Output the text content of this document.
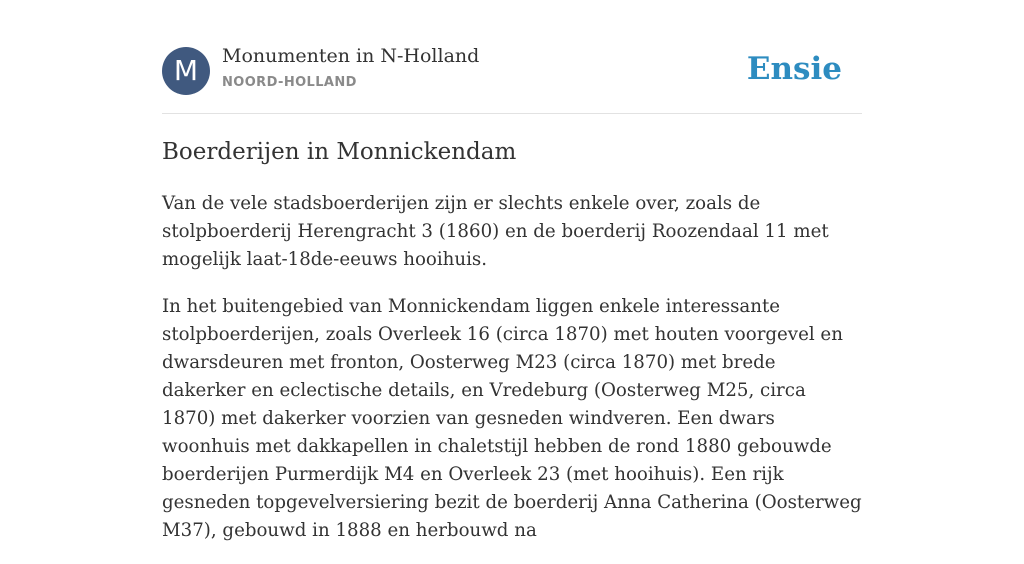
M	Monumenten in N-Holland
NOORD-HOLLAND	Ensie
Boerderijen in Monnickendam

Van de vele stadsboerderijen zijn er slechts enkele over, zoals de stolpboerderij Herengracht 3 (1860) en de boerderij Roozendaal 11 met mogelijk laat-18de-eeuws hooihuis.

In het buitengebied van Monnickendam liggen enkele interessante stolpboerderijen, zoals Overleek 16 (circa 1870) met houten voorgevel en dwarsdeuren met fronton, Oosterweg M23 (circa 1870) met brede dakerker en eclectische details, en Vredeburg (Oosterweg M25, circa 1870) met dakerker voorzien van gesneden windveren. Een dwars woonhuis met dakkapellen in chaletstijl hebben de rond 1880 gebouwde boerderijen Purmerdijk M4 en Overleek 23 (met hooihuis). Een rijk gesneden topgevelversiering bezit de boerderij Anna Catherina (Oosterweg M37), gebouwd in 1888 en herbouwd na
